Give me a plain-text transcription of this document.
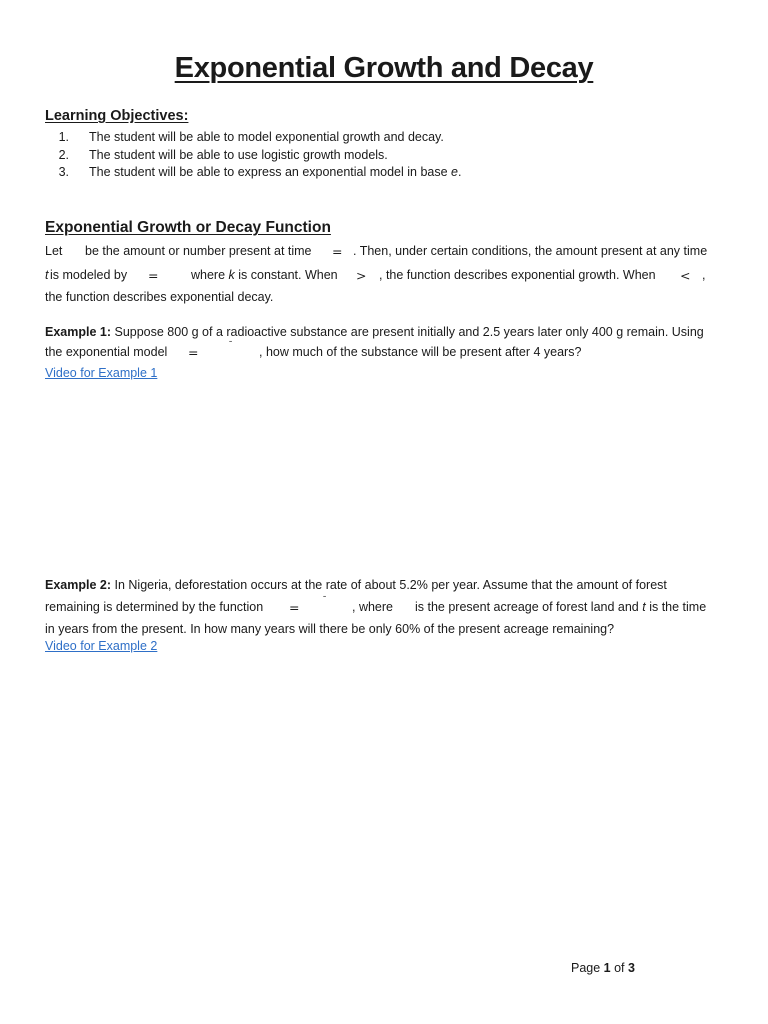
Exponential Growth and Decay
Learning Objectives:
1. The student will be able to model exponential growth and decay.
2. The student will be able to use logistic growth models.
3. The student will be able to express an exponential model in base e.
Exponential Growth or Decay Function
Let be the amount or number present at time = . Then, under certain conditions, the amount present at any time
t is modeled by =	where k is constant. When > , the function describes exponential growth. When < ,
the function describes exponential decay.
Example 1: Suppose 800 g of a radioactive substance are present initially and 2.5 years later only 400 g remain. Using
the exponential model =	ˉ , how much of the substance will be present after 4 years?
Video for Example 1
Example 2: In Nigeria, deforestation occurs at the rate of about 5.2% per year. Assume that the amount of forest
remaining is determined by the function = ˉ , where is the present acreage of forest land and t is the time
in years from the present. In how many years will there be only 60% of the present acreage remaining?
Video for Example 2
Page 1 of 3
